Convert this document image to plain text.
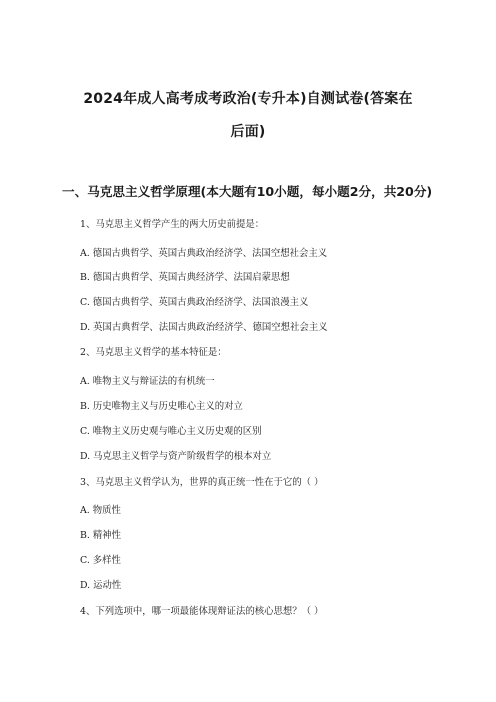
2024年成人高考成考政治(专升本)自测试卷(答案在
后面)
一、马克思主义哲学原理(本大题有10小题，每小题2分，共20分)
1、马克思主义哲学产生的两大历史前提是：
A. 德国古典哲学、英国古典政治经济学、法国空想社会主义
B. 德国古典哲学、英国古典经济学、法国启蒙思想
C. 德国古典哲学、英国古典政治经济学、法国浪漫主义
D. 英国古典哲学、法国古典政治经济学、德国空想社会主义
2、马克思主义哲学的基本特征是：
A. 唯物主义与辩证法的有机统一
B. 历史唯物主义与历史唯心主义的对立
C. 唯物主义历史观与唯心主义历史观的区别
D. 马克思主义哲学与资产阶级哲学的根本对立
3、马克思主义哲学认为，世界的真正统一性在于它的（ ）
A. 物质性
B. 精神性
C. 多样性
D. 运动性
4、下列选项中，哪一项最能体现辩证法的核心思想？（ ）
